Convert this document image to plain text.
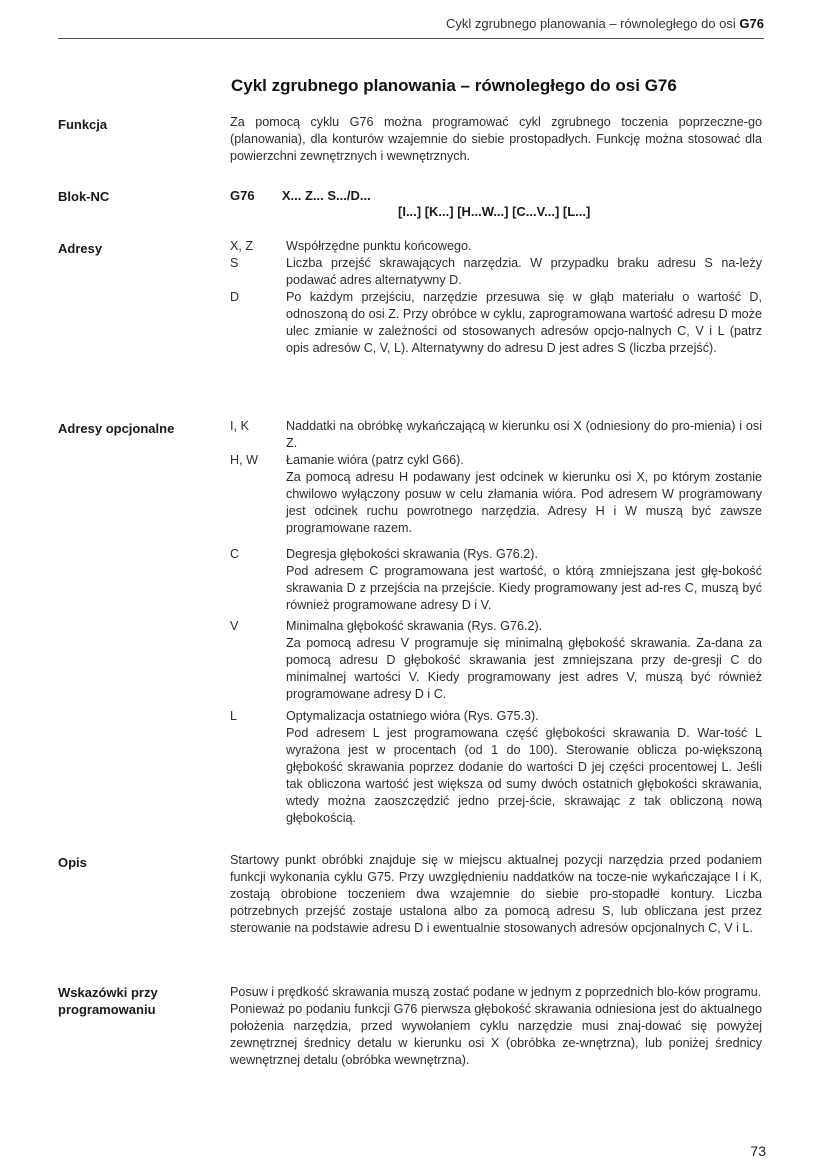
Cykl zgrubnego planowania – równoległego do osi G76
Cykl zgrubnego planowania – równoległego do osi G76
Funkcja	Za pomocą cyklu G76 można programować cykl zgrubnego toczenia poprzeczne-go (planowania), dla konturów wzajemnie do siebie prostopadłych. Funkcję można stosować dla powierzchni zewnętrznych i wewnętrznych.
Blok-NC	G76 X... Z... S.../D...
[I...] [K...] [H...W...] [C...V...] [L...]
Adresy	X, Z	Współrzędne punktu końcowego.

S	Liczba przejść skrawających narzędzia. W przypadku braku adresu S na-leży podawać adres alternatywny D.

D	Po każdym przejściu, narzędzie przesuwa się w głąb materiału o wartość D, odnoszoną do osi Z. Przy obróbce w cyklu, zaprogramowana wartość adresu D może ulec zmianie w zależności od stosowanych adresów opcjo-nalnych C, V i L (patrz opis adresów C, V, L). Alternatywny do adresu D jest adres S (liczba przejść).

Adresy opcjonalne	I, K	Naddatki na obróbkę wykańczającą w kierunku osi X (odniesiony do pro-mienia) i osi Z.

H, W	Łamanie wióra (patrz cykl G66).

Za pomocą adresu H podawany jest odcinek w kierunku osi X, po którym zostanie chwilowo wyłączony posuw w celu złamania wióra. Pod adresem W programowany jest odcinek ruchu powrotnego narzędzia. Adresy H i W muszą być zawsze programowane razem.

C	Degresja głębokości skrawania (Rys. G76.2).

Pod adresem C programowana jest wartość, o którą zmniejszana jest głę-bokość skrawania D z przejścia na przejście. Kiedy programowany jest ad-res C, muszą być również programowane adresy D i V.

V	Minimalna głębokość skrawania (Rys. G76.2).

Za pomocą adresu V programuje się minimalną głębokość skrawania. Za-dana za pomocą adresu D głębokość skrawania jest zmniejszana przy de-gresji C do minimalnej wartości V. Kiedy programowany jest adres V, muszą być również programowane adresy D i C.

L	Optymalizacja ostatniego wióra (Rys. G75.3).

Pod adresem L jest programowana część głębokości skrawania D. War-tość L wyrażona jest w procentach (od 1 do 100). Sterowanie oblicza po-większoną głębokość skrawania poprzez dodanie do wartości D jej części procentowej L. Jeśli tak obliczona wartość jest większa od sumy dwóch ostatnich głębokości skrawania, wtedy można zaoszczędzić jedno przej-ście, skrawając z tak obliczoną nową głębokością.

Opis	Startowy punkt obróbki znajduje się w miejscu aktualnej pozycji narzędzia przed podaniem funkcji wykonania cyklu G75. Przy uwzględnieniu naddatków na tocze-nie wykańczające I i K, zostają obrobione toczeniem dwa wzajemnie do siebie pro-stopadłe kontury. Liczba potrzebnych przejść zostaje ustalona albo za pomocą adresu S, lub obliczana jest przez sterowanie na podstawie adresu D i ewentualnie stosowanych adresów opcjonalnych C, V i L.
Wskazówki przy
programowaniu

Posuw i prędkość skrawania muszą zostać podane w jednym z poprzednich blo-ków programu.

Ponieważ po podaniu funkcji G76 pierwsza głębokość skrawania odniesiona jest do aktualnego położenia narzędzia, przed wywołaniem cyklu narzędzie musi znaj-dować się powyżej zewnętrznej średnicy detalu w kierunku osi X (obróbka ze-wnętrzna), lub poniżej średnicy wewnętrznej detalu (obróbka wewnętrzna).

73
